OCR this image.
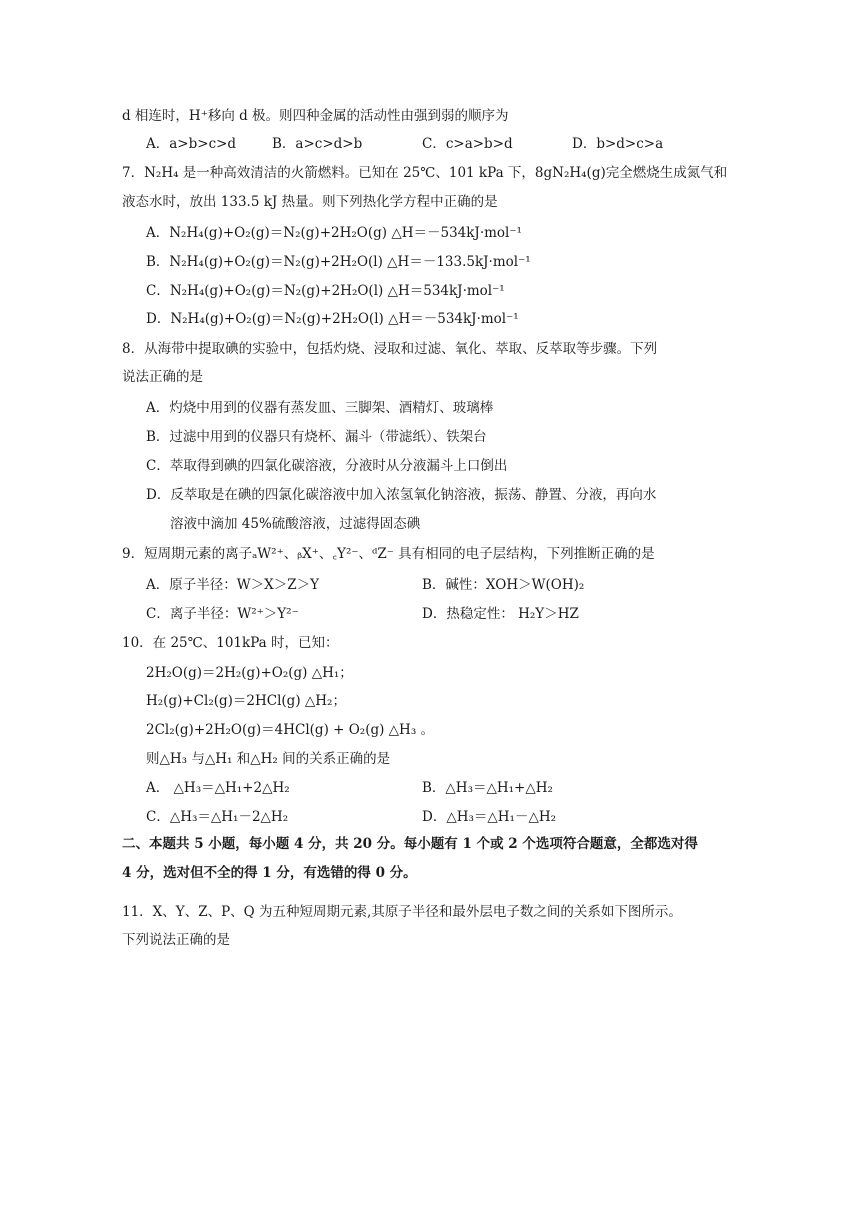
d 相连时，H⁺移向 d 极。则四种金属的活动性由强到弱的顺序为
A．a>b>c>d	B．a>c>d>b	C．c>a>b>d	D．b>d>c>a
7．N₂H₄ 是一种高效清洁的火箭燃料。已知在 25℃、101 kPa 下，8gN₂H₄(g)完全燃烧生成氮气和
液态水时，放出 133.5 kJ 热量。则下列热化学方程中正确的是
A．N₂H₄(g)+O₂(g)＝N₂(g)+2H₂O(g) △H＝－534kJ·mol⁻¹
B．N₂H₄(g)+O₂(g)＝N₂(g)+2H₂O(l) △H＝－133.5kJ·mol⁻¹
C．N₂H₄(g)+O₂(g)＝N₂(g)+2H₂O(l) △H＝534kJ·mol⁻¹
D．N₂H₄(g)+O₂(g)＝N₂(g)+2H₂O(l) △H＝－534kJ·mol⁻¹
8．从海带中提取碘的实验中，包括灼烧、浸取和过滤、氧化、萃取、反萃取等步骤。下列
说法正确的是
A．灼烧中用到的仪器有蒸发皿、三脚架、酒精灯、玻璃棒
B．过滤中用到的仪器只有烧杯、漏斗（带滤纸）、铁架台
C．萃取得到碘的四氯化碳溶液，分液时从分液漏斗上口倒出
D．反萃取是在碘的四氯化碳溶液中加入浓氢氧化钠溶液，振荡、静置、分液，再向水
溶液中滴加 45%硫酸溶液，过滤得固态碘
9．短周期元素的离子ₐW²⁺、ᵦX⁺、꜀Y²⁻、ᵈZ⁻ 具有相同的电子层结构，下列推断正确的是
A．原子半径：W＞X＞Z＞Y	B．碱性：XOH＞W(OH)₂
C．离子半径：W²⁺＞Y²⁻	D．热稳定性： H₂Y＞HZ
10．在 25℃、101kPa 时，已知：
2H₂O(g)＝2H₂(g)+O₂(g) △H₁；
H₂(g)+Cl₂(g)＝2HCl(g) △H₂；
2Cl₂(g)+2H₂O(g)＝4HCl(g) + O₂(g) △H₃ 。
则△H₃ 与△H₁ 和△H₂ 间的关系正确的是
A． △H₃＝△H₁+2△H₂	B．△H₃＝△H₁+△H₂
C．△H₃＝△H₁－2△H₂	D．△H₃＝△H₁－△H₂
二、本题共 5 小题，每小题 4 分，共 20 分。每小题有 1 个或 2 个选项符合题意，全都选对得
4 分，选对但不全的得 1 分，有选错的得 0 分。
11．X、Y、Z、P、Q 为五种短周期元素,其原子半径和最外层电子数之间的关系如下图所示。
下列说法正确的是
